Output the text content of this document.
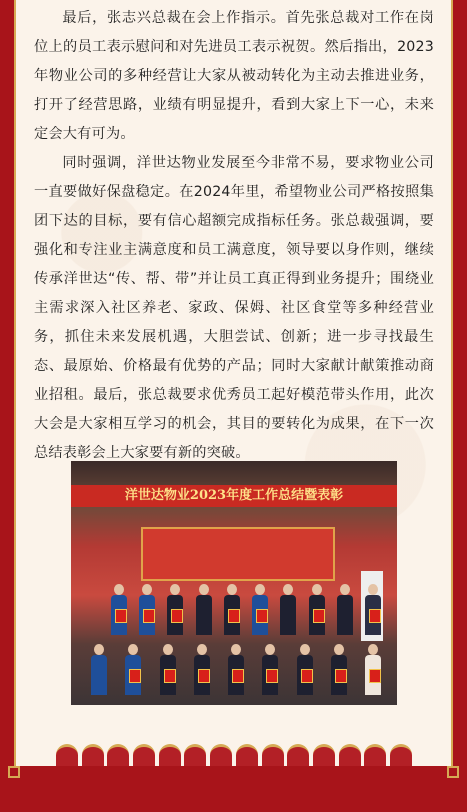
最后，张志兴总裁在会上作指示。首先张总裁对工作在岗位上的员工表示慰问和对先进员工表示祝贺。然后指出，2023年物业公司的多种经营让大家从被动转化为主动去推进业务，打开了经营思路，业绩有明显提升，看到大家上下一心，未来定会大有可为。

同时强调，洋世达物业发展至今非常不易，要求物业公司一直要做好保盘稳定。在2024年里，希望物业公司严格按照集团下达的目标，要有信心超额完成指标任务。张总裁强调，要强化和专注业主满意度和员工满意度，领导要以身作则，继续传承洋世达“传、帮、带”并让员工真正得到业务提升；围绕业主需求深入社区养老、家政、保姆、社区食堂等多种经营业务，抓住未来发展机遇，大胆尝试、创新；进一步寻找最生态、最原始、价格最有优势的产品；同时大家献计献策推动商业招租。最后，张总裁要求优秀员工起好模范带头作用，此次大会是大家相互学习的机会，其目的要转化为成果，在下一次总结表彰会上大家要有新的突破。

洋世达物业2023年度工作总结暨表彰
